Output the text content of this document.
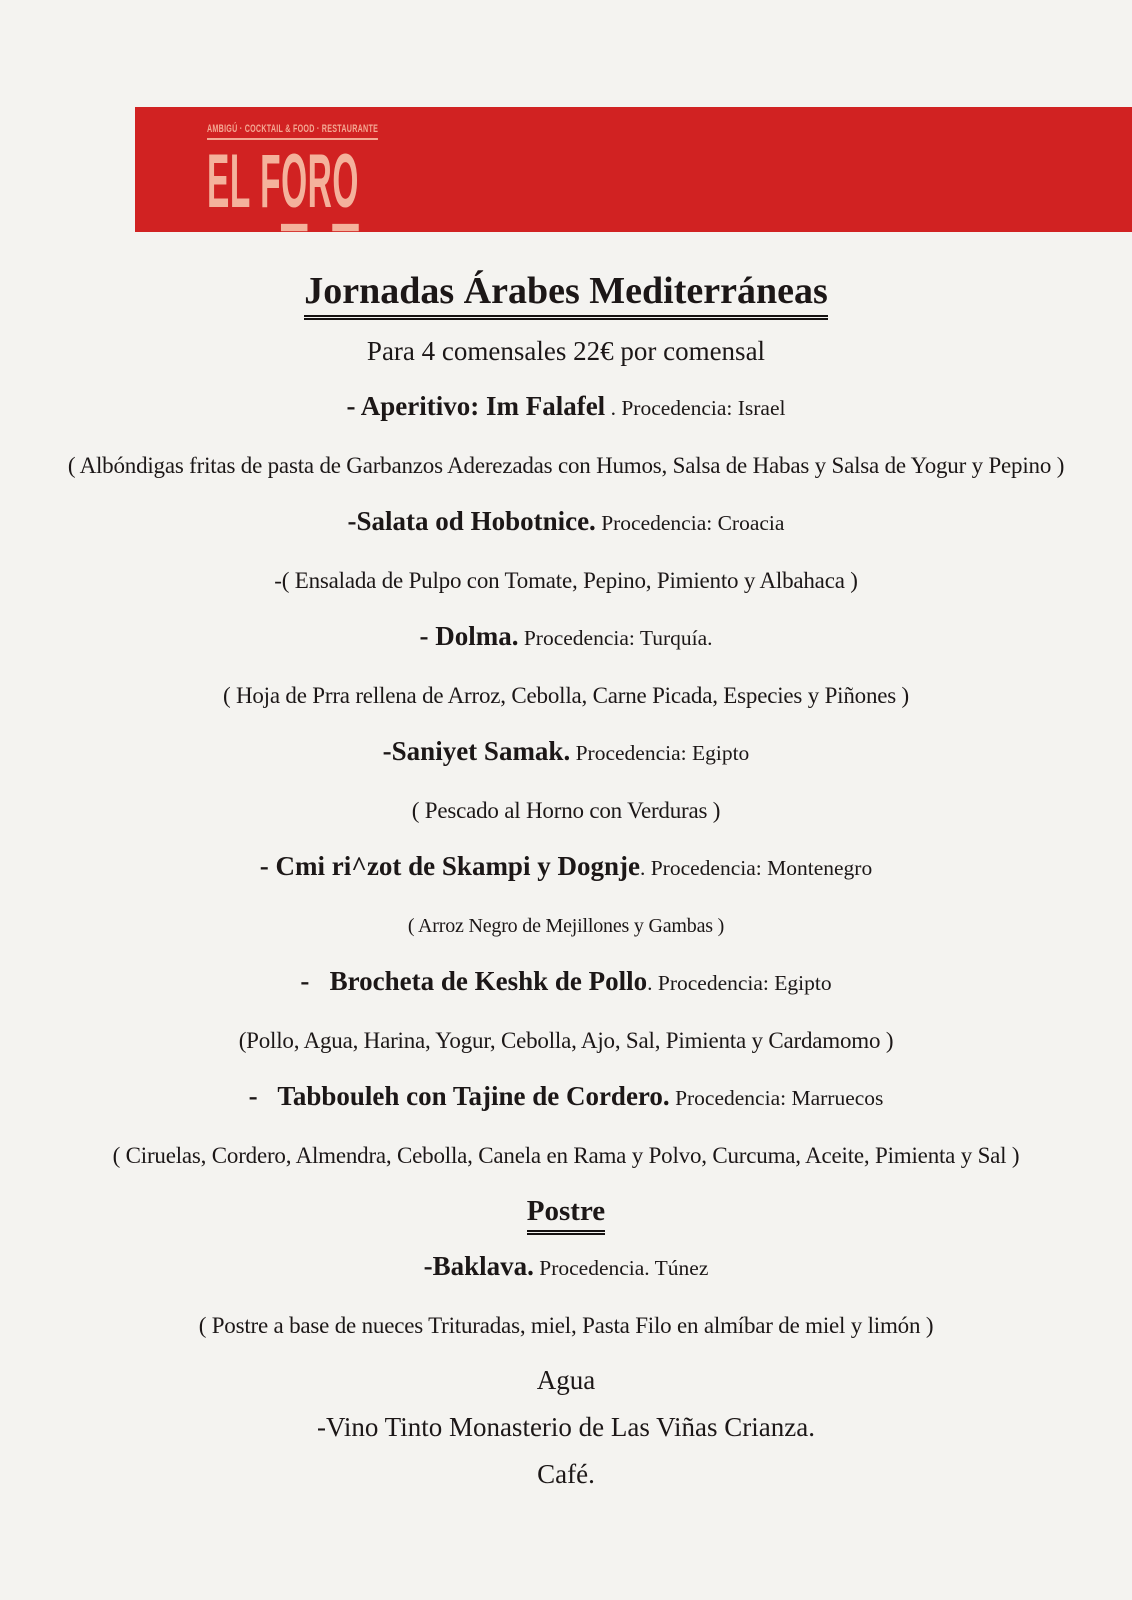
AMBIGÚ · COCKTAIL & FOOD · RESTAURANTE
EL FORO
Jornadas Árabes Mediterráneas
Para 4 comensales 22€ por comensal
- Aperitivo: Im Falafel . Procedencia: Israel
( Albóndigas fritas de pasta de Garbanzos Aderezadas con Humos, Salsa de Habas y Salsa de Yogur y Pepino )
-Salata od Hobotnice. Procedencia: Croacia
-( Ensalada de Pulpo con Tomate, Pepino, Pimiento y Albahaca )
- Dolma. Procedencia: Turquía.
( Hoja de Prra rellena de Arroz, Cebolla, Carne Picada, Especies y Piñones )
-Saniyet Samak. Procedencia: Egipto
( Pescado al Horno con Verduras )
- Cmi ri^zot de Skampi y Dognje. Procedencia: Montenegro
( Arroz Negro de Mejillones y Gambas )
-   Brocheta de Keshk de Pollo. Procedencia: Egipto
(Pollo, Agua, Harina, Yogur, Cebolla, Ajo, Sal, Pimienta y Cardamomo )
-   Tabbouleh con Tajine de Cordero. Procedencia: Marruecos
( Ciruelas, Cordero, Almendra, Cebolla, Canela en Rama y Polvo, Curcuma, Aceite, Pimienta y Sal )
Postre
-Baklava. Procedencia. Túnez
( Postre a base de nueces Trituradas, miel, Pasta Filo en almíbar de miel y limón )
Agua
-Vino Tinto Monasterio de Las Viñas Crianza.
Café.
